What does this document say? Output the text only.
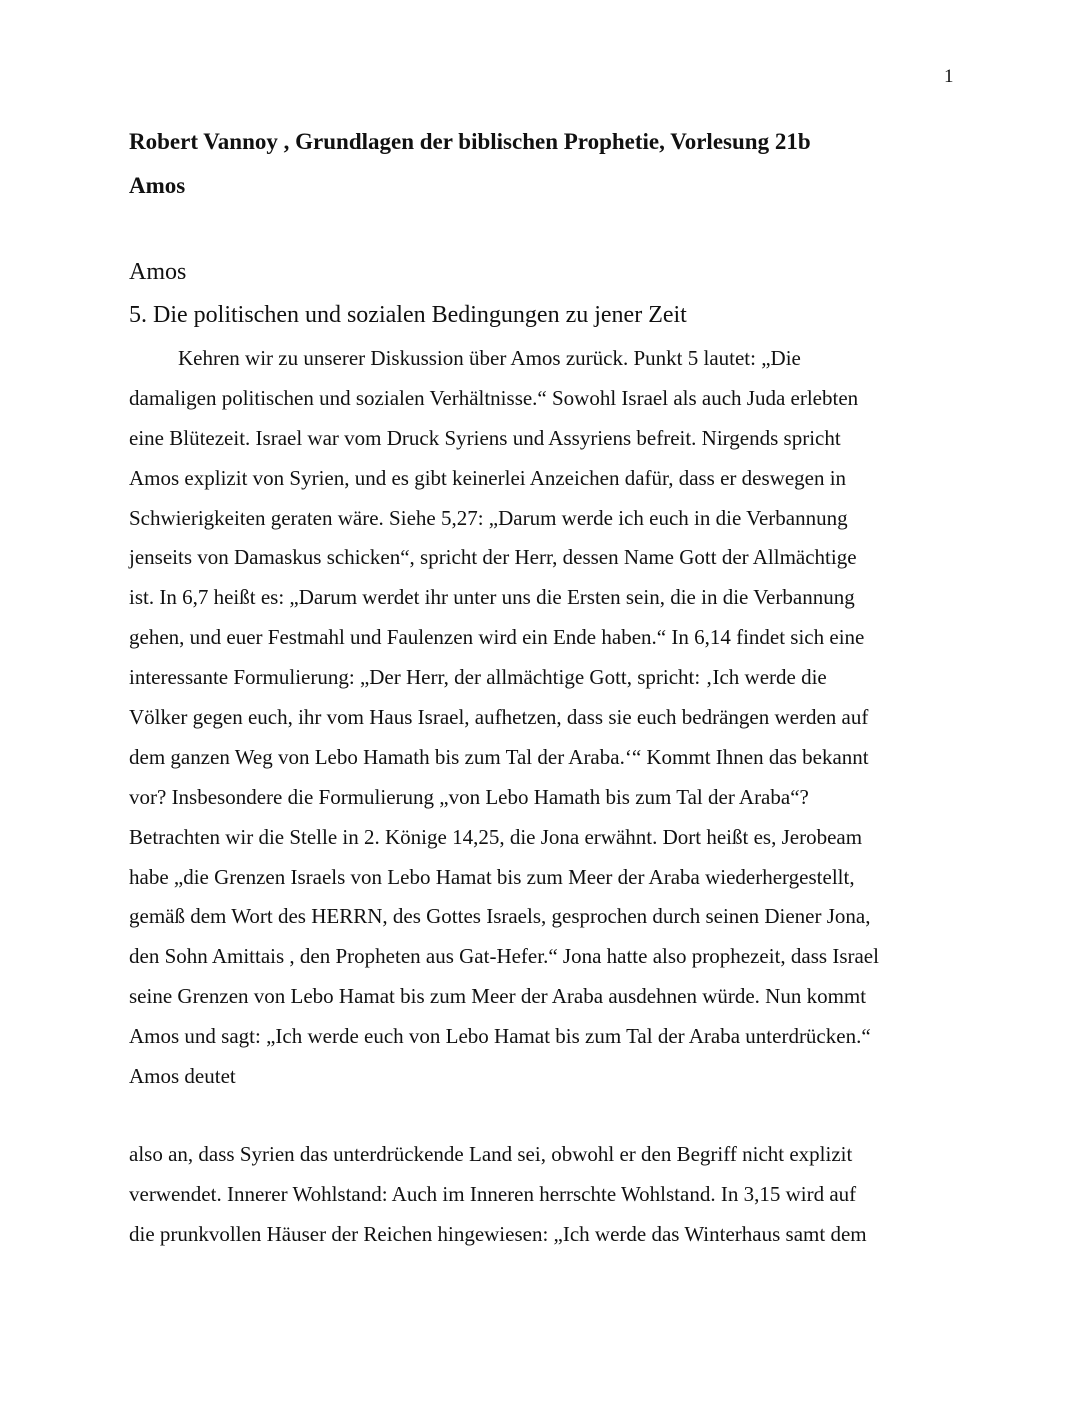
1
Robert Vannoy , Grundlagen der biblischen Prophetie, Vorlesung 21b
Amos
Amos
5. Die politischen und sozialen Bedingungen zu jener Zeit
Kehren wir zu unserer Diskussion über Amos zurück. Punkt 5 lautet: „Die
damaligen politischen und sozialen Verhältnisse.“ Sowohl Israel als auch Juda erlebten
eine Blütezeit. Israel war vom Druck Syriens und Assyriens befreit. Nirgends spricht
Amos explizit von Syrien, und es gibt keinerlei Anzeichen dafür, dass er deswegen in
Schwierigkeiten geraten wäre. Siehe 5,27: „Darum werde ich euch in die Verbannung
jenseits von Damaskus schicken“, spricht der Herr, dessen Name Gott der Allmächtige
ist. In 6,7 heißt es: „Darum werdet ihr unter uns die Ersten sein, die in die Verbannung
gehen, und euer Festmahl und Faulenzen wird ein Ende haben.“ In 6,14 findet sich eine
interessante Formulierung: „Der Herr, der allmächtige Gott, spricht: ‚Ich werde die
Völker gegen euch, ihr vom Haus Israel, aufhetzen, dass sie euch bedrängen werden auf
dem ganzen Weg von Lebo Hamath bis zum Tal der Araba.‘“ Kommt Ihnen das bekannt
vor? Insbesondere die Formulierung „von Lebo Hamath bis zum Tal der Araba“?
Betrachten wir die Stelle in 2. Könige 14,25, die Jona erwähnt. Dort heißt es, Jerobeam
habe „die Grenzen Israels von Lebo Hamat bis zum Meer der Araba wiederhergestellt,
gemäß dem Wort des HERRN, des Gottes Israels, gesprochen durch seinen Diener Jona,
den Sohn Amittais , den Propheten aus Gat-Hefer.“ Jona hatte also prophezeit, dass Israel
seine Grenzen von Lebo Hamat bis zum Meer der Araba ausdehnen würde. Nun kommt
Amos und sagt: „Ich werde euch von Lebo Hamat bis zum Tal der Araba unterdrücken.“
Amos deutet
also an, dass Syrien das unterdrückende Land sei, obwohl er den Begriff nicht explizit
verwendet. Innerer Wohlstand: Auch im Inneren herrschte Wohlstand. In 3,15 wird auf
die prunkvollen Häuser der Reichen hingewiesen: „Ich werde das Winterhaus samt dem
